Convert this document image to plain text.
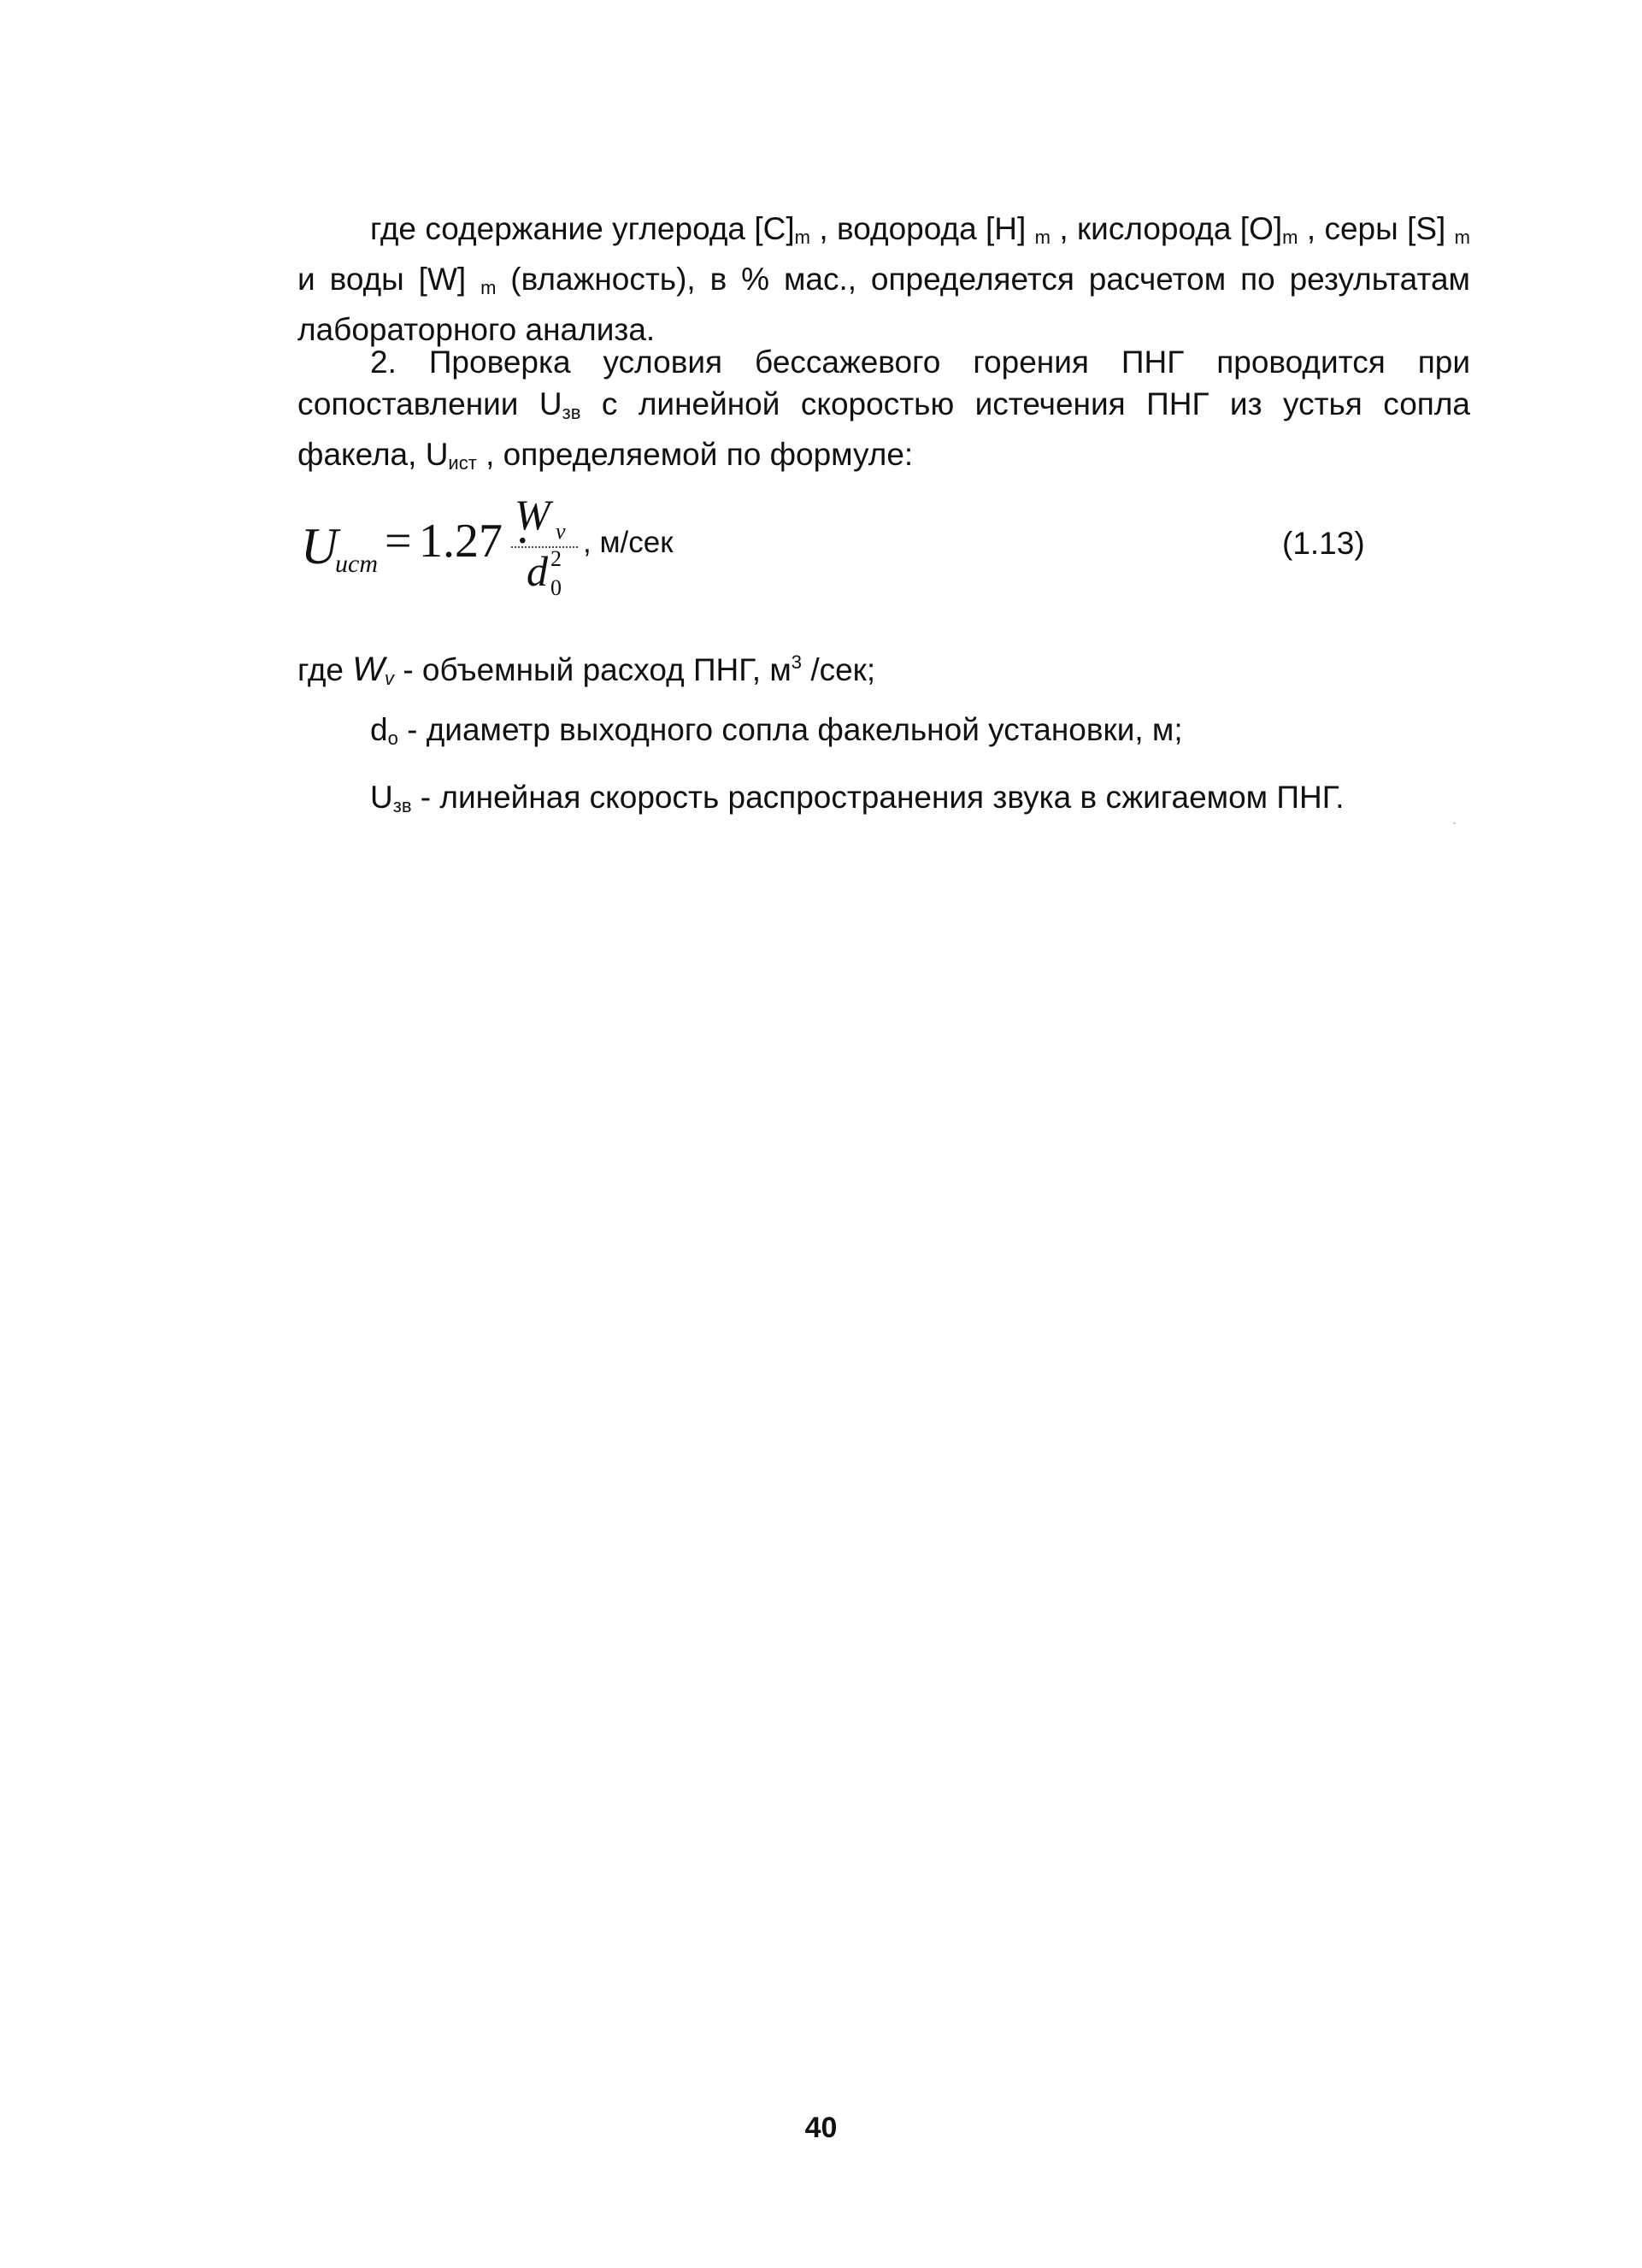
где содержание углерода $[C]_m$ , водорода [H] $_m$ , кислорода $[O]_m$ , серы [S] $_m$ и воды [W] $_m$ (влажность), в % мас., определяется расчетом по результатам лабораторного анализа.
2. Проверка условия бессажевого горения ПНГ проводится при сопоставлении $U_{зв}$ с линейной скоростью истечения ПНГ из устья сопла факела, $U_{ист}$ , определяемой по формуле:
U
ист = 1.27 ·
W v
d 2
0
, м/сек	(1.13)
где $W_v$ - объемный расход ПНГ, $м^3$ /сек;
$d_o$ - диаметр выходного сопла факельной установки, м;
$U_{зв}$ - линейная скорость распространения звука в сжигаемом ПНГ.
40
